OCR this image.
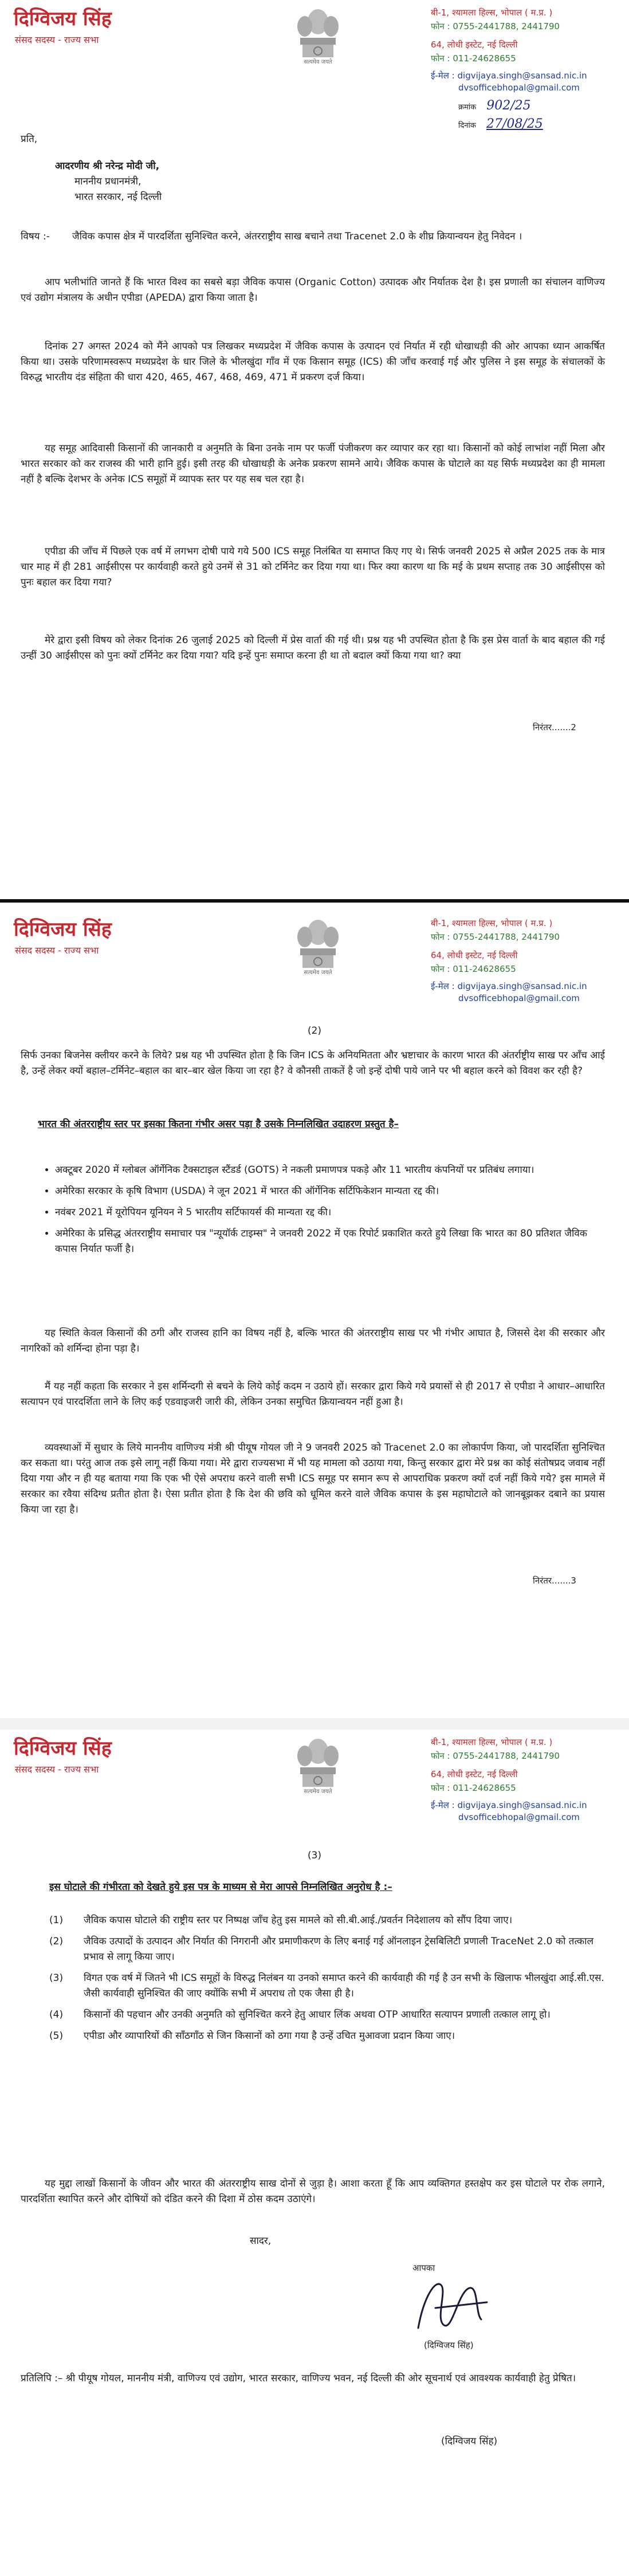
दिग्विजय सिंह
संसद सदस्य - राज्य सभा
सत्यमेव जयते
बी-1, श्यामला हिल्स, भोपाल ( म.प्र. )
फोन : 0755-2441788, 2441790
64, लोधी इस्टेट, नई दिल्ली
फोन : 011-24628655
ई-मेल : digvijaya.singh@sansad.nic.in
dvsofficebhopal@gmail.com
क्रमांक 902/25
दिनांक 27/08/25
प्रति,
आदरणीय श्री नरेन्द्र मोदी जी,
माननीय प्रधानमंत्री,
भारत सरकार, नई दिल्ली
विषय :-	जैविक कपास क्षेत्र में पारदर्शिता सुनिश्चित करने, अंतरराष्ट्रीय साख बचाने तथा Tracenet 2.0 के शीघ्र क्रियान्वयन हेतु निवेदन ।
आप भलीभांति जानते हैं कि भारत विश्व का सबसे बड़ा जैविक कपास (Organic Cotton) उत्पादक और निर्यातक देश है। इस प्रणाली का संचालन वाणिज्य एवं उद्योग मंत्रालय के अधीन एपीडा (APEDA) द्वारा किया जाता है।
दिनांक 27 अगस्त 2024 को मैंने आपको पत्र लिखकर मध्यप्रदेश में जैविक कपास के उत्पादन एवं निर्यात में रही धोखाधड़ी की ओर आपका ध्यान आकर्षित किया था। उसके परिणामस्वरूप मध्यप्रदेश के धार जिले के भीलखुंदा गाँव में एक किसान समूह (ICS) की जाँच करवाई गई और पुलिस ने इस समूह के संचालकों के विरुद्ध भारतीय दंड संहिता की धारा 420, 465, 467, 468, 469, 471 में प्रकरण दर्ज किया।
यह समूह आदिवासी किसानों की जानकारी व अनुमति के बिना उनके नाम पर फर्जी पंजीकरण कर व्यापार कर रहा था। किसानों को कोई लाभांश नहीं मिला और भारत सरकार को कर राजस्व की भारी हानि हुई। इसी तरह की धोखाधड़ी के अनेक प्रकरण सामने आये। जैविक कपास के घोटाले का यह सिर्फ मध्यप्रदेश का ही मामला नहीं है बल्कि देशभर के अनेक ICS समूहों में व्यापक स्तर पर यह सब चल रहा है।
एपीडा की जाँच में पिछले एक वर्ष में लगभग दोषी पाये गये 500 ICS समूह निलंबित या समाप्त किए गए थे। सिर्फ जनवरी 2025 से अप्रैल 2025 तक के मात्र चार माह में ही 281 आईसीएस पर कार्यवाही करते हुये उनमें से 31 को टर्मिनेट कर दिया गया था। फिर क्या कारण था कि मई के प्रथम सप्ताह तक 30 आईसीएस को पुनः बहाल कर दिया गया?
मेरे द्वारा इसी विषय को लेकर दिनांक 26 जुलाई 2025 को दिल्ली में प्रेस वार्ता की गई थी। प्रश्न यह भी उपस्थित होता है कि इस प्रेस वार्ता के बाद बहाल की गई उन्हीं 30 आईसीएस को पुनः क्यों टर्मिनेट कर दिया गया? यदि इन्हें पुनः समाप्त करना ही था तो बदाल क्यों किया गया था? क्या
निरंतर.......2
दिग्विजय सिंह
संसद सदस्य - राज्य सभा
सत्यमेव जयते
बी-1, श्यामला हिल्स, भोपाल ( म.प्र. )
फोन : 0755-2441788, 2441790
64, लोधी इस्टेट, नई दिल्ली
फोन : 011-24628655
ई-मेल : digvijaya.singh@sansad.nic.in
dvsofficebhopal@gmail.com
(2)
सिर्फ उनका बिजनेस क्लीयर करने के लिये? प्रश्न यह भी उपस्थित होता है कि जिन ICS के अनियमितता और भ्रष्टाचार के कारण भारत की अंतर्राष्ट्रीय साख पर आँच आई है, उन्हें लेकर क्यों बहाल–टर्मिनेट–बहाल का बार–बार खेल किया जा रहा है? वे कौनसी ताकतें है जो इन्हें दोषी पाये जाने पर भी बहाल करने को विवश कर रही है?
भारत की अंतरराष्ट्रीय स्तर पर इसका कितना गंभीर असर पड़ा है उसके निम्नलिखित उदाहरण प्रस्तुत है–
• अक्टूबर 2020 में ग्लोबल ऑर्गेनिक टैक्सटाइल स्टैंडर्ड (GOTS) ने नकली प्रमाणपत्र पकड़े और 11 भारतीय कंपनियों पर प्रतिबंध लगाया।
• अमेरिका सरकार के कृषि विभाग (USDA) ने जून 2021 में भारत की ऑर्गेनिक सर्टिफिकेशन मान्यता रद्द की।
• नवंबर 2021 में यूरोपियन यूनियन ने 5 भारतीय सर्टिफायर्स की मान्यता रद्द की।
• अमेरिका के प्रसिद्ध अंतरराष्ट्रीय समाचार पत्र "न्यूयॉर्क टाइम्स" ने जनवरी 2022 में एक रिपोर्ट प्रकाशित करते हुये लिखा कि भारत का 80 प्रतिशत जैविक कपास निर्यात फर्जी है।
यह स्थिति केवल किसानों की ठगी और राजस्व हानि का विषय नहीं है, बल्कि भारत की अंतरराष्ट्रीय साख पर भी गंभीर आघात है, जिससे देश की सरकार और नागरिकों को शर्मिन्दा होना पड़ा है।
मैं यह नहीं कहता कि सरकार ने इस शर्मिन्दगी से बचने के लिये कोई कदम न उठाये हों। सरकार द्वारा किये गये प्रयासों से ही 2017 से एपीडा ने आधार–आधारित सत्यापन एवं पारदर्शिता लाने के लिए कई एडवाइजरी जारी की, लेकिन उनका समुचित क्रियान्वयन नहीं हुआ है।
व्यवस्थाओं में सुधार के लिये माननीय वाणिज्य मंत्री श्री पीयूष गोयल जी ने 9 जनवरी 2025 को Tracenet 2.0 का लोकार्पण किया, जो पारदर्शिता सुनिश्चित कर सकता था। परंतु आज तक इसे लागू नहीं किया गया। मेरे द्वारा राज्यसभा में भी यह मामला को उठाया गया, किन्तु सरकार द्वारा मेरे प्रश्न का कोई संतोषप्रद जवाब नहीं दिया गया और न ही यह बताया गया कि एक भी ऐसे अपराध करने वाली सभी ICS समूह पर समान रूप से आपराधिक प्रकरण क्यों दर्ज नहीं किये गये? इस मामले में सरकार का रवैया संदिग्ध प्रतीत होता है। ऐसा प्रतीत होता है कि देश की छवि को धूमिल करने वाले जैविक कपास के इस महाघोटाले को जानबूझकर दबाने का प्रयास किया जा रहा है।
निरंतर.......3
दिग्विजय सिंह
संसद सदस्य - राज्य सभा
सत्यमेव जयते
बी-1, श्यामला हिल्स, भोपाल ( म.प्र. )
फोन : 0755-2441788, 2441790
64, लोधी इस्टेट, नई दिल्ली
फोन : 011-24628655
ई-मेल : digvijaya.singh@sansad.nic.in
dvsofficebhopal@gmail.com
(3)
इस घोटाले की गंभीरता को देखते हुये इस पत्र के माध्यम से मेरा आपसे निम्नलिखित अनुरोध है :–
(1)	जैविक कपास घोटाले की राष्ट्रीय स्तर पर निष्पक्ष जाँच हेतु इस मामले को सी.बी.आई./प्रवर्तन निदेशालय को सौंप दिया जाए।
(2)	जैविक उत्पादों के उत्पादन और निर्यात की निगरानी और प्रमाणीकरण के लिए बनाई गई ऑनलाइन ट्रेसबिलिटी प्रणाली TraceNet 2.0 को तत्काल प्रभाव से लागू किया जाए।
(3)	विगत एक वर्ष में जितने भी ICS समूहों के विरुद्ध निलंबन या उनको समाप्त करने की कार्यवाही की गई है उन सभी के खिलाफ भीलखुंदा आई.सी.एस. जैसी कार्यवाही सुनिश्चित की जाए क्योंकि सभी में अपराध तो एक जैसा ही है।
(4)	किसानों की पहचान और उनकी अनुमति को सुनिश्चित करने हेतु आधार लिंक अथवा OTP आधारित सत्यापन प्रणाली तत्काल लागू हो।
(5)	एपीडा और व्यापारियों की साँठगाँठ से जिन किसानों को ठगा गया है उन्हें उचित मुआवजा प्रदान किया जाए।
यह मुद्दा लाखों किसानों के जीवन और भारत की अंतरराष्ट्रीय साख दोनों से जुड़ा है। आशा करता हूँ कि आप व्यक्तिगत हस्तक्षेप कर इस घोटाले पर रोक लगाने, पारदर्शिता स्थापित करने और दोषियों को दंडित करने की दिशा में ठोस कदम उठाएंगे।
सादर,
आपका
(दिग्विजय सिंह)
प्रतिलिपि :– श्री पीयूष गोयल, माननीय मंत्री, वाणिज्य एवं उद्योग, भारत सरकार, वाणिज्य भवन, नई दिल्ली की ओर सूचनार्थ एवं आवश्यक कार्यवाही हेतु प्रेषित।
(दिग्विजय सिंह)
